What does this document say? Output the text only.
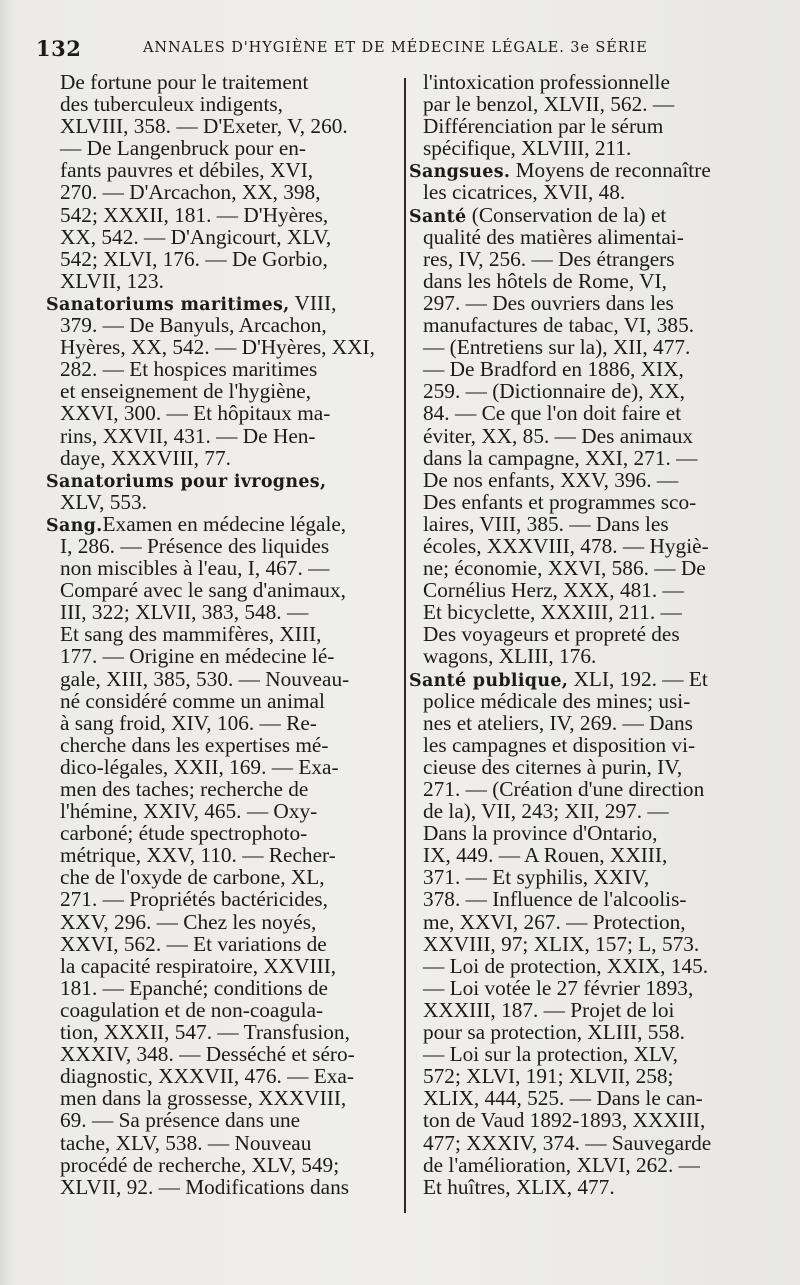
132	ANNALES D'HYGIÈNE ET DE MÉDECINE LÉGALE. 3e SÉRIE
De fortune pour le traitement
des tuberculeux indigents,
XLVIII, 358. — D'Exeter, V, 260.
— De Langenbruck pour en-
fants pauvres et débiles, XVI,
270. — D'Arcachon, XX, 398,
542; XXXII, 181. — D'Hyères,
XX, 542. — D'Angicourt, XLV,
542; XLVI, 176. — De Gorbio,
XLVII, 123.
Sanatoriums maritimes, VIII,
379. — De Banyuls, Arcachon,
Hyères, XX, 542. — D'Hyères, XXI,
282. — Et hospices maritimes
et enseignement de l'hygiène,
XXVI, 300. — Et hôpitaux ma-
rins, XXVII, 431. — De Hen-
daye, XXXVIII, 77.
Sanatoriums pour ivrognes,
XLV, 553.
Sang.Examen en médecine légale,
I, 286. — Présence des liquides
non miscibles à l'eau, I, 467. —
Comparé avec le sang d'animaux,
III, 322; XLVII, 383, 548. —
Et sang des mammifères, XIII,
177. — Origine en médecine lé-
gale, XIII, 385, 530. — Nouveau-
né considéré comme un animal
à sang froid, XIV, 106. — Re-
cherche dans les expertises mé-
dico-légales, XXII, 169. — Exa-
men des taches; recherche de
l'hémine, XXIV, 465. — Oxy-
carboné; étude spectrophoto-
métrique, XXV, 110. — Recher-
che de l'oxyde de carbone, XL,
271. — Propriétés bactéricides,
XXV, 296. — Chez les noyés,
XXVI, 562. — Et variations de
la capacité respiratoire, XXVIII,
181. — Epanché; conditions de
coagulation et de non-coagula-
tion, XXXII, 547. — Transfusion,
XXXIV, 348. — Desséché et séro-
diagnostic, XXXVII, 476. — Exa-
men dans la grossesse, XXXVIII,
69. — Sa présence dans une
tache, XLV, 538. — Nouveau
procédé de recherche, XLV, 549;
XLVII, 92. — Modifications dans
l'intoxication professionnelle
par le benzol, XLVII, 562. —
Différenciation par le sérum
spécifique, XLVIII, 211.
Sangsues. Moyens de reconnaître
les cicatrices, XVII, 48.
Santé (Conservation de la) et
qualité des matières alimentai-
res, IV, 256. — Des étrangers
dans les hôtels de Rome, VI,
297. — Des ouvriers dans les
manufactures de tabac, VI, 385.
— (Entretiens sur la), XII, 477.
— De Bradford en 1886, XIX,
259. — (Dictionnaire de), XX,
84. — Ce que l'on doit faire et
éviter, XX, 85. — Des animaux
dans la campagne, XXI, 271. —
De nos enfants, XXV, 396. —
Des enfants et programmes sco-
laires, VIII, 385. — Dans les
écoles, XXXVIII, 478. — Hygiè-
ne; économie, XXVI, 586. — De
Cornélius Herz, XXX, 481. —
Et bicyclette, XXXIII, 211. —
Des voyageurs et propreté des
wagons, XLIII, 176.
Santé publique, XLI, 192. — Et
police médicale des mines; usi-
nes et ateliers, IV, 269. — Dans
les campagnes et disposition vi-
cieuse des citernes à purin, IV,
271. — (Création d'une direction
de la), VII, 243; XII, 297. —
Dans la province d'Ontario,
IX, 449. — A Rouen, XXIII,
371. — Et syphilis, XXIV,
378. — Influence de l'alcoolis-
me, XXVI, 267. — Protection,
XXVIII, 97; XLIX, 157; L, 573.
— Loi de protection, XXIX, 145.
— Loi votée le 27 février 1893,
XXXIII, 187. — Projet de loi
pour sa protection, XLIII, 558.
— Loi sur la protection, XLV,
572; XLVI, 191; XLVII, 258;
XLIX, 444, 525. — Dans le can-
ton de Vaud 1892-1893, XXXIII,
477; XXXIV, 374. — Sauvegarde
de l'amélioration, XLVI, 262. —
Et huîtres, XLIX, 477.
